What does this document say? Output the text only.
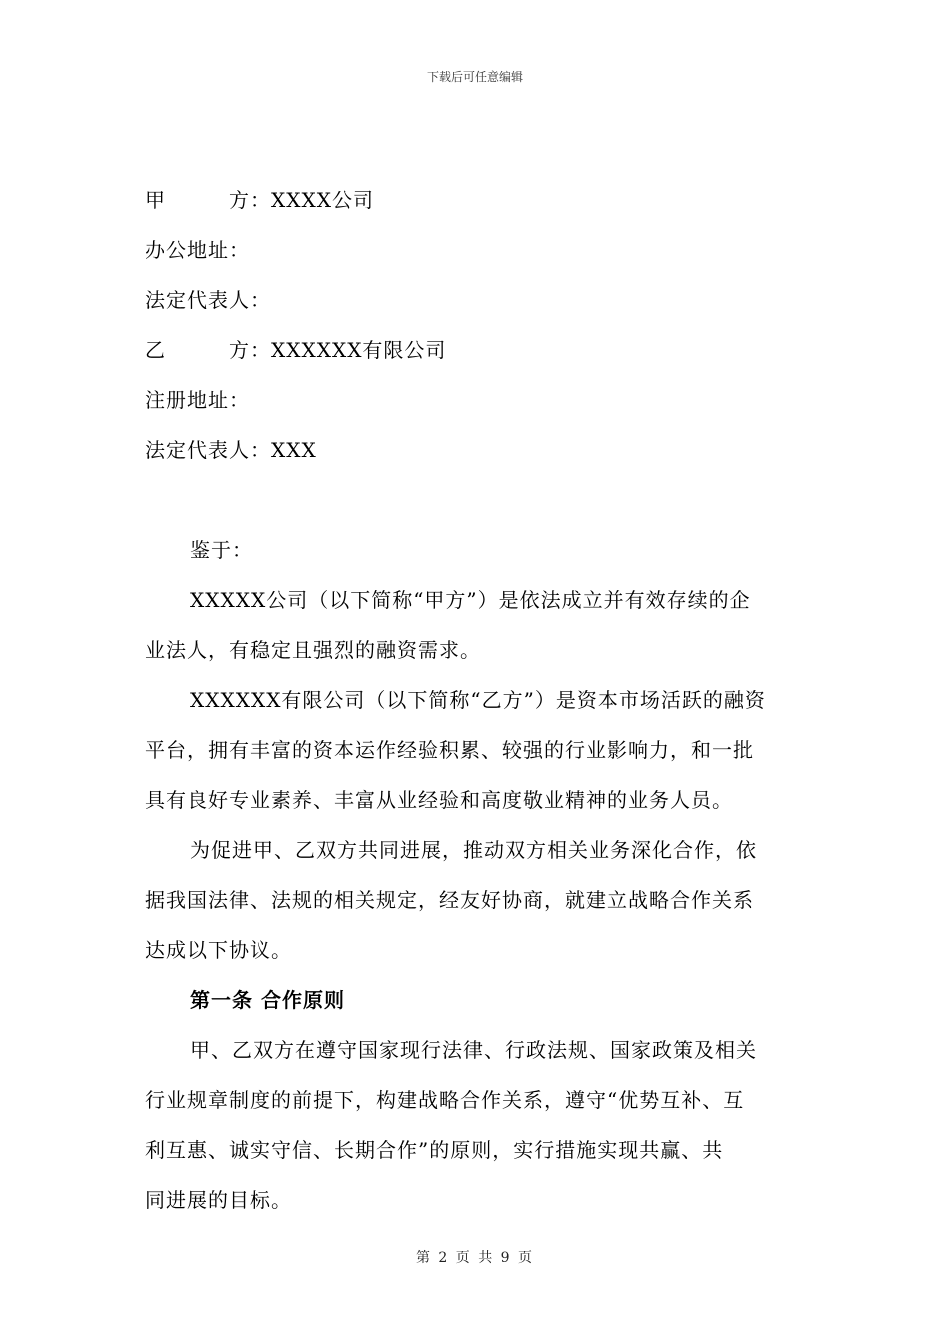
下载后可任意编辑
甲　　　方：XXXX公司
办公地址：
法定代表人：
乙　　　方：XXXXXX有限公司
注册地址：
法定代表人：XXX
鉴于：
XXXXX公司（以下简称“甲方”）是依法成立并有效存续的企
业法人，有稳定且强烈的融资需求。
XXXXXX有限公司（以下简称“乙方”）是资本市场活跃的融资
平台，拥有丰富的资本运作经验积累、较强的行业影响力，和一批
具有良好专业素养、丰富从业经验和高度敬业精神的业务人员。
为促进甲、乙双方共同进展，推动双方相关业务深化合作，依
据我国法律、法规的相关规定，经友好协商，就建立战略合作关系
达成以下协议。
第一条 合作原则
甲、乙双方在遵守国家现行法律、行政法规、国家政策及相关
行业规章制度的前提下，构建战略合作关系，遵守“优势互补、互
利互惠、诚实守信、长期合作”的原则，实行措施实现共赢、共
同进展的目标。
第 2 页 共 9 页
